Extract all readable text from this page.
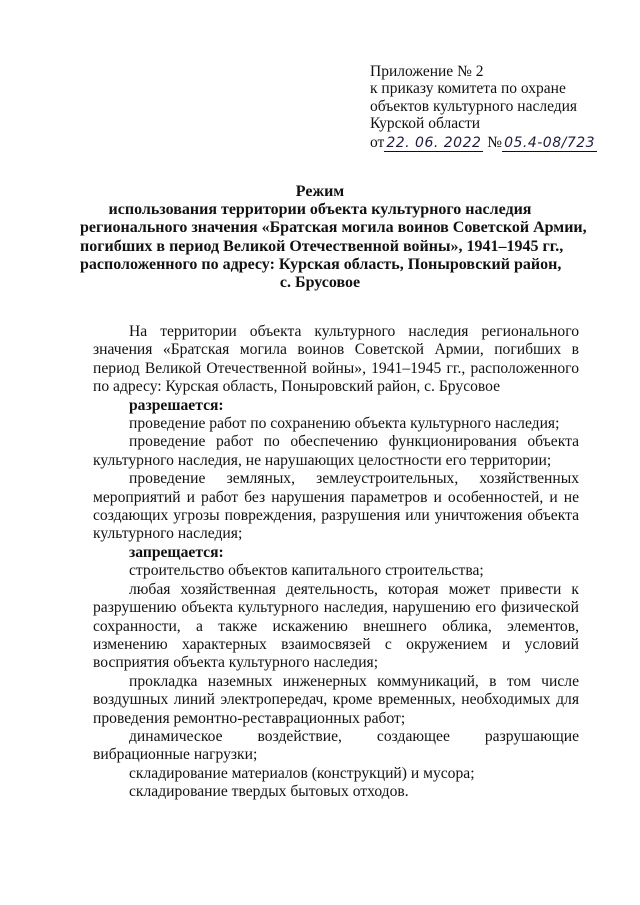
Приложение № 2
к приказу комитета по охране
объектов культурного наследия
Курской области
от 22. 06. 2022 № 05.4-08/723
Режим
использования территории объекта культурного наследия
регионального значения «Братская могила воинов Советской Армии,
погибших в период Великой Отечественной войны», 1941–1945 гг.,
расположенного по адресу: Курская область, Поныровский район,
с. Брусовое

На территории объекта культурного наследия регионального значения «Братская могила воинов Советской Армии, погибших в период Великой Отечественной войны», 1941–1945 гг., расположенного по адресу: Курская область, Поныровский район, с. Брусовое

разрешается:

проведение работ по сохранению объекта культурного наследия;

проведение работ по обеспечению функционирования объекта культурного наследия, не нарушающих целостности его территории;

проведение земляных, землеустроительных, хозяйственных мероприятий и работ без нарушения параметров и особенностей, и не создающих угрозы повреждения, разрушения или уничтожения объекта культурного наследия;

запрещается:

строительство объектов капитального строительства;

любая хозяйственная деятельность, которая может привести к разрушению объекта культурного наследия, нарушению его физической сохранности, а также искажению внешнего облика, элементов, изменению характерных взаимосвязей с окружением и условий восприятия объекта культурного наследия;

прокладка наземных инженерных коммуникаций, в том числе воздушных линий электропередач, кроме временных, необходимых для проведения ремонтно-реставрационных работ;

динамическое воздействие, создающее разрушающие вибрационные нагрузки;

складирование материалов (конструкций) и мусора;

складирование твердых бытовых отходов.
